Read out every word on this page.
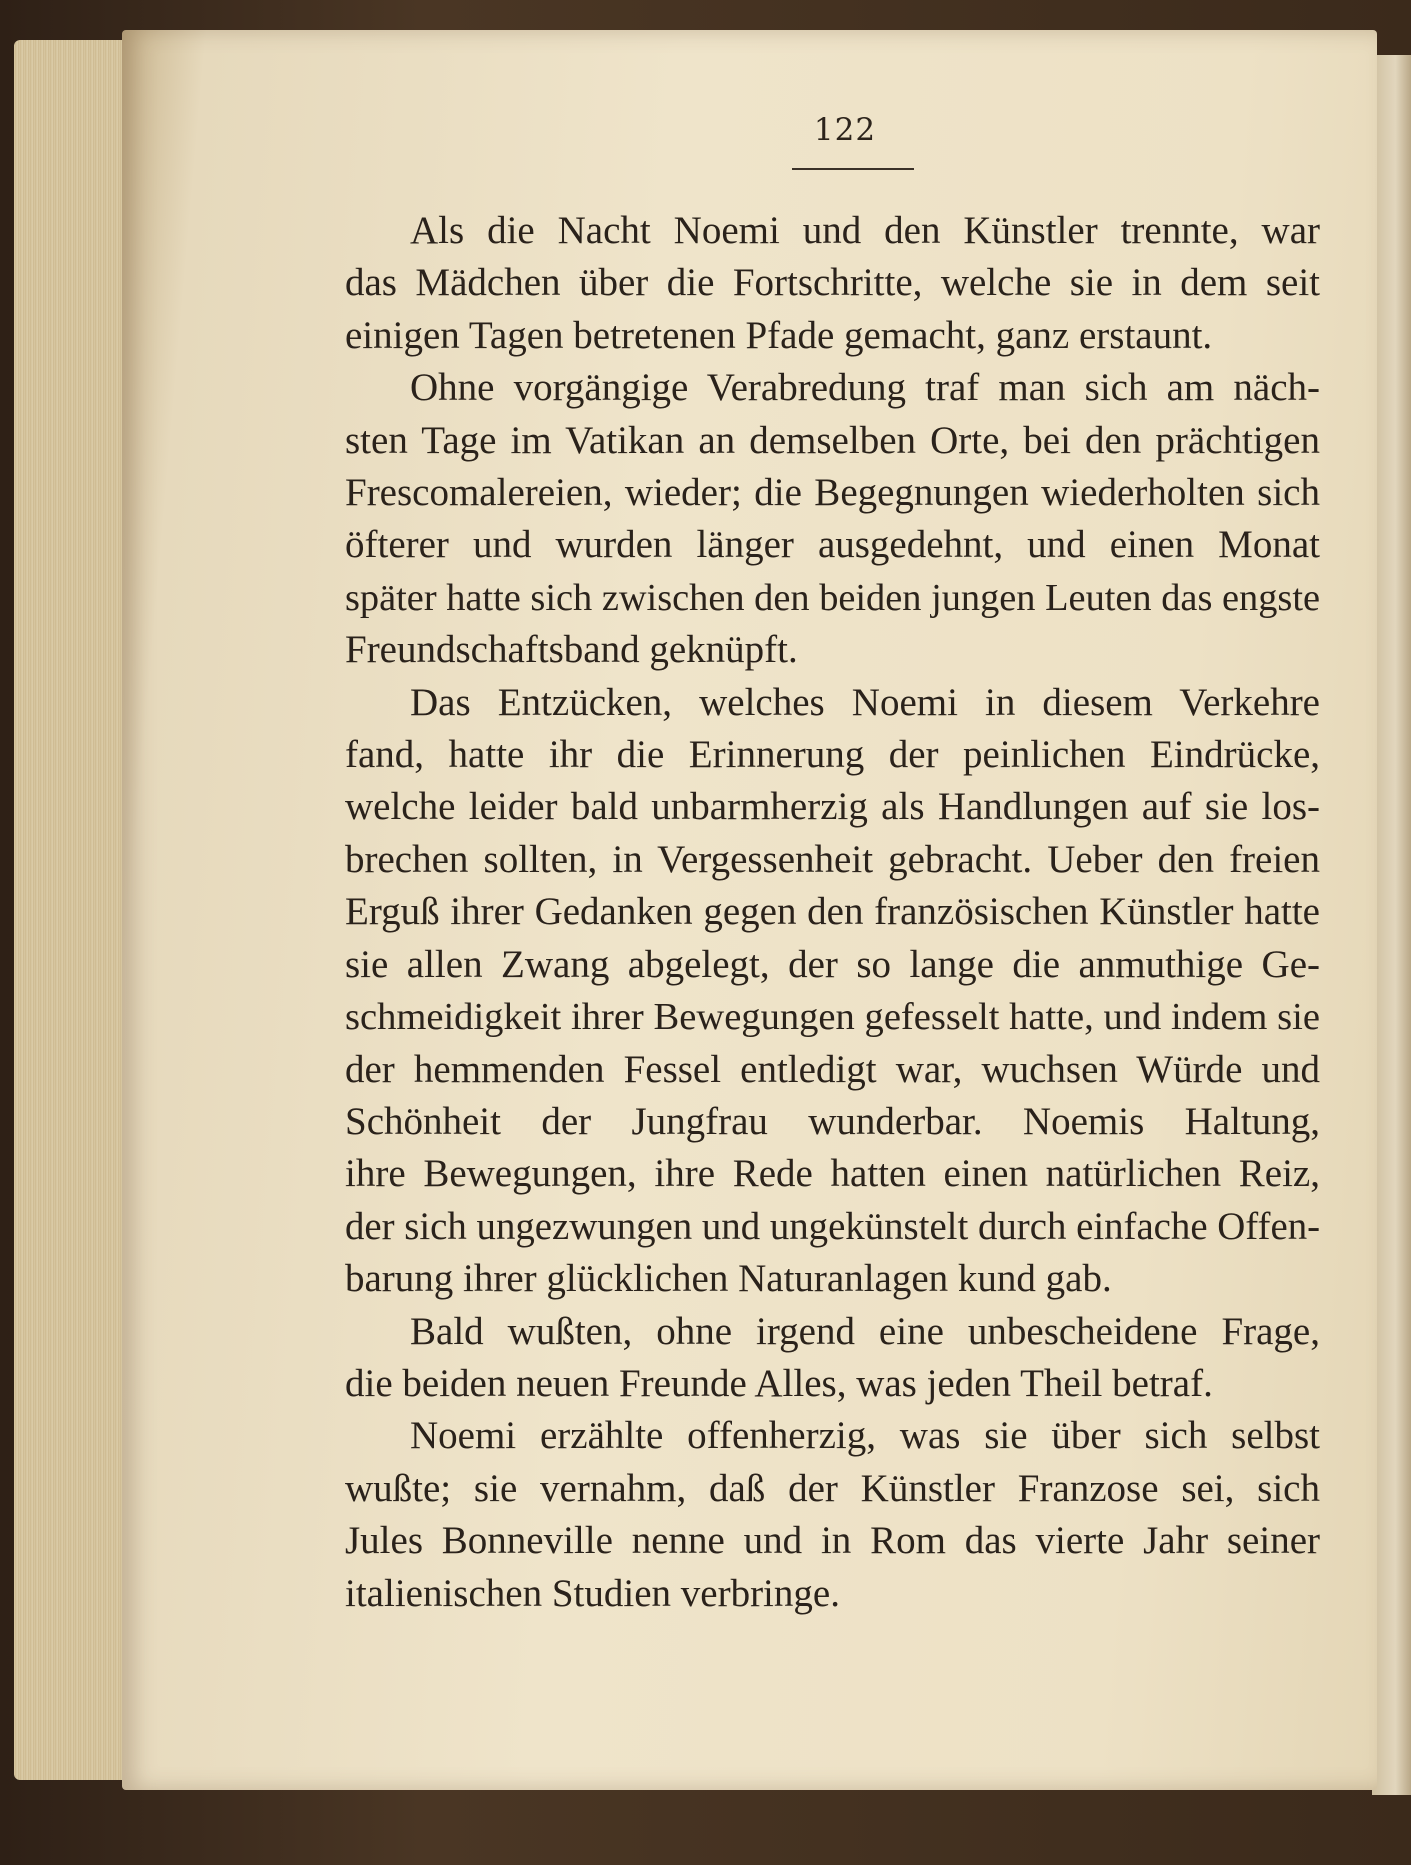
122
Als die Nacht Noemi und den Künstler trennte, war
das Mädchen über die Fortschritte, welche sie in dem seit
einigen Tagen betretenen Pfade gemacht, ganz erstaunt.
Ohne vorgängige Verabredung traf man sich am näch-
sten Tage im Vatikan an demselben Orte, bei den prächtigen
Frescomalereien, wieder; die Begegnungen wiederholten sich
öfterer und wurden länger ausgedehnt, und einen Monat
später hatte sich zwischen den beiden jungen Leuten das engste
Freundschaftsband geknüpft.
Das Entzücken, welches Noemi in diesem Verkehre
fand, hatte ihr die Erinnerung der peinlichen Eindrücke,
welche leider bald unbarmherzig als Handlungen auf sie los-
brechen sollten, in Vergessenheit gebracht. Ueber den freien
Erguß ihrer Gedanken gegen den französischen Künstler hatte
sie allen Zwang abgelegt, der so lange die anmuthige Ge-
schmeidigkeit ihrer Bewegungen gefesselt hatte, und indem sie
der hemmenden Fessel entledigt war, wuchsen Würde und
Schönheit der Jungfrau wunderbar. Noemis Haltung,
ihre Bewegungen, ihre Rede hatten einen natürlichen Reiz,
der sich ungezwungen und ungekünstelt durch einfache Offen-
barung ihrer glücklichen Naturanlagen kund gab.
Bald wußten, ohne irgend eine unbescheidene Frage,
die beiden neuen Freunde Alles, was jeden Theil betraf.
Noemi erzählte offenherzig, was sie über sich selbst
wußte; sie vernahm, daß der Künstler Franzose sei, sich
Jules Bonneville nenne und in Rom das vierte Jahr seiner
italienischen Studien verbringe.
